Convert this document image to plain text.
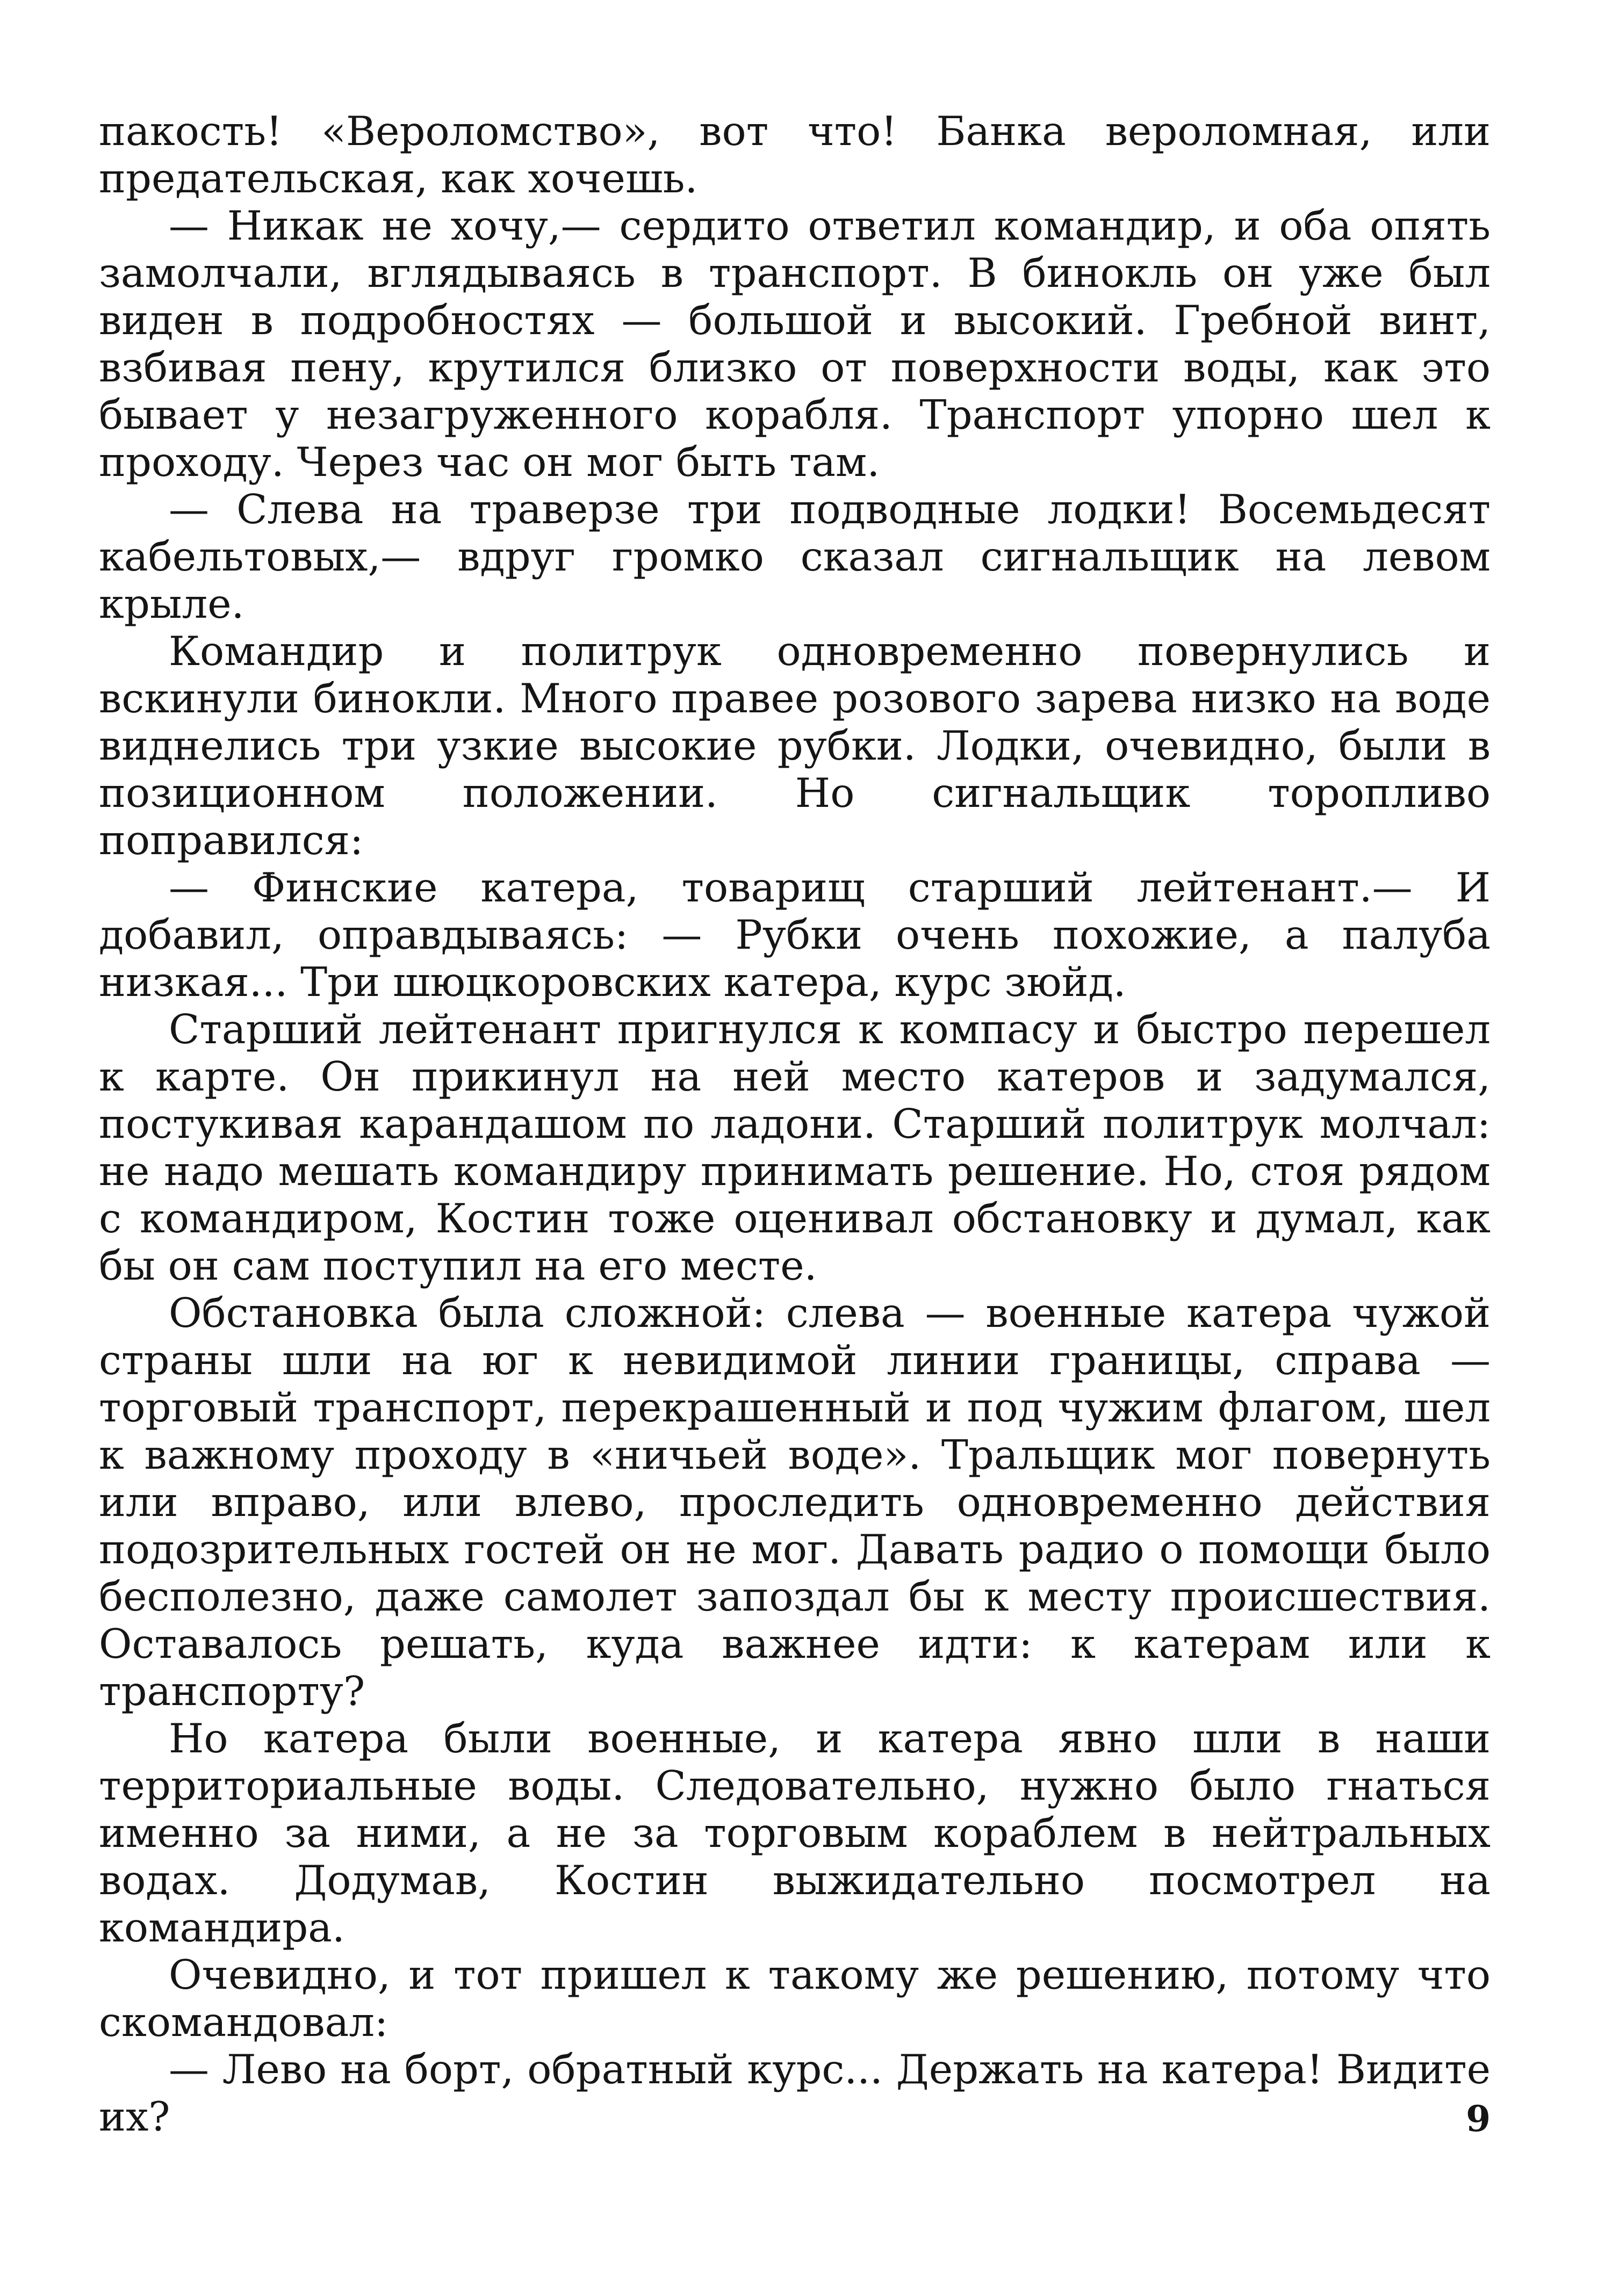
пакость! «Вероломство», вот что! Банка вероломная, или предательская, как хочешь.

— Никак не хочу,— сердито ответил командир, и оба опять замолчали, вглядываясь в транспорт. В бинокль он уже был виден в подробностях — большой и высокий. Гребной винт, взбивая пену, крутился близко от поверхности воды, как это бывает у незагруженного корабля. Транспорт упорно шел к проходу. Через час он мог быть там.

— Слева на траверзе три подводные лодки! Восемьдесят кабельтовых,— вдруг громко сказал сигнальщик на левом крыле.

Командир и политрук одновременно повернулись и вскинули бинокли. Много правее розового зарева низко на воде виднелись три узкие высокие рубки. Лодки, очевидно, были в позиционном положении. Но сигнальщик торопливо поправился:

— Финские катера, товарищ старший лейтенант.— И добавил, оправдываясь: — Рубки очень похожие, а палуба низкая... Три шюцкоровских катера, курс зюйд.

Старший лейтенант пригнулся к компасу и быстро перешел к карте. Он прикинул на ней место катеров и задумался, постукивая карандашом по ладони. Старший политрук молчал: не надо мешать командиру принимать решение. Но, стоя рядом с командиром, Костин тоже оценивал обстановку и думал, как бы он сам поступил на его месте.

Обстановка была сложной: слева — военные катера чужой страны шли на юг к невидимой линии границы, справа — торговый транспорт, перекрашенный и под чужим флагом, шел к важному проходу в «ничьей воде». Тральщик мог повернуть или вправо, или влево, проследить одновременно действия подозрительных гостей он не мог. Давать радио о помощи было бесполезно, даже самолет запоздал бы к месту происшествия. Оставалось решать, куда важнее идти: к катерам или к транспорту?

Но катера были военные, и катера явно шли в наши территориальные воды. Следовательно, нужно было гнаться именно за ними, а не за торговым кораблем в нейтральных водах. Додумав, Костин выжидательно посмотрел на командира.

Очевидно, и тот пришел к такому же решению, потому что скомандовал:

— Лево на борт, обратный курс... Держать на катера! Видите их?	9
